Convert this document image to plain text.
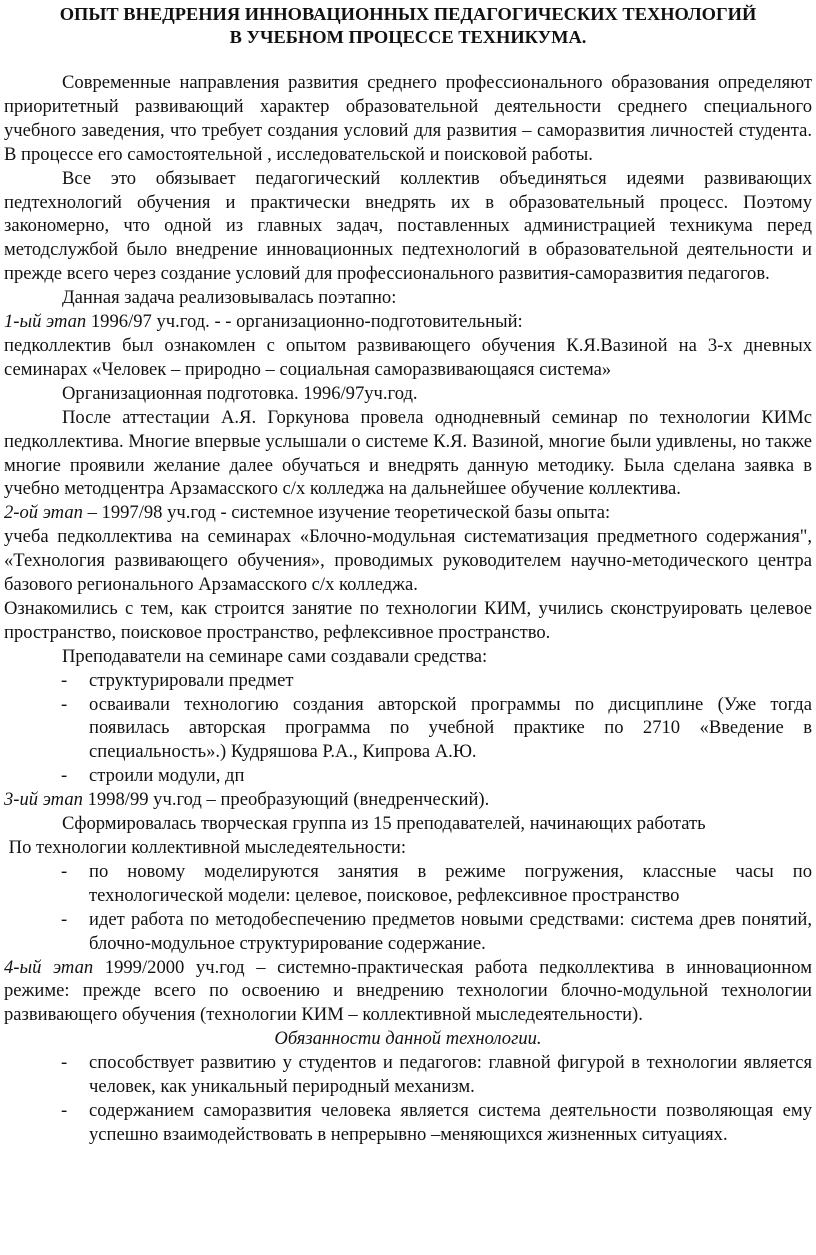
ОПЫТ ВНЕДРЕНИЯ ИННОВАЦИОННЫХ ПЕДАГОГИЧЕСКИХ ТЕХНОЛОГИЙ
В УЧЕБНОМ ПРОЦЕССЕ ТЕХНИКУМА.

Современные направления развития среднего профессионального образования определяют приоритетный развивающий характер образовательной деятельности среднего специального учебного заведения, что требует создания условий для развития – саморазвития личностей студента. В процессе его самостоятельной , исследовательской и поисковой работы.

Все это обязывает педагогический коллектив объединяться идеями развивающих педтехнологий обучения и практически внедрять их в образовательный процесс. Поэтому закономерно, что одной из главных задач, поставленных администрацией техникума перед методслужбой было внедрение инновационных педтехнологий в образовательной деятельности и прежде всего через создание условий для профессионального развития-саморазвития педагогов.

Данная задача реализовывалась поэтапно:

1-ый этап 1996/97 уч.год. - - организационно-подготовительный:

педколлектив был ознакомлен с опытом развивающего обучения К.Я.Вазиной на 3-х дневных семинарах «Человек – природно – социальная саморазвивающаяся система»

Организационная подготовка. 1996/97уч.год.

После аттестации А.Я. Горкунова провела однодневный семинар по технологии КИМс педколлектива. Многие впервые услышали о системе К.Я. Вазиной, многие были удивлены, но также многие проявили желание далее обучаться и внедрять данную методику. Была сделана заявка в учебно методцентра Арзамасского с/х колледжа на дальнейшее обучение коллектива.

2-ой этап – 1997/98 уч.год - системное изучение теоретической базы опыта:

учеба педколлектива на семинарах «Блочно-модульная систематизация предметного содержания", «Технология развивающего обучения», проводимых руководителем научно-методического центра базового регионального Арзамасского с/х колледжа.

Ознакомились с тем, как строится занятие по технологии КИМ, учились сконструировать целевое пространство, поисковое пространство, рефлексивное пространство.

Преподаватели на семинаре сами создавали средства:

- структурировали предмет
- осваивали технологию создания авторской программы по дисциплине (Уже тогда появилась авторская программа по учебной практике по 2710 «Введение в специальность».) Кудряшова Р.А., Кипрова А.Ю.
- строили модули, дп

3-ий этап 1998/99 уч.год – преобразующий (внедренческий).

Сформировалась творческая группа из 15 преподавателей, начинающих работать

По технологии коллективной мыследеятельности:

- по новому моделируются занятия в режиме погружения, классные часы по технологической модели: целевое, поисковое, рефлексивное пространство
- идет работа по методобеспечению предметов новыми средствами: система древ понятий, блочно-модульное структурирование содержание.

4-ый этап 1999/2000 уч.год – системно-практическая работа педколлектива в инновационном режиме: прежде всего по освоению и внедрению технологии блочно-модульной технологии развивающего обучения (технологии КИМ – коллективной мыследеятельности).

Обязанности данной технологии.

- способствует развитию у студентов и педагогов: главной фигурой в технологии является человек, как уникальный периродный механизм.
- содержанием саморазвития человека является система деятельности позволяющая ему успешно взаимодействовать в непрерывно –меняющихся жизненных ситуациях.
